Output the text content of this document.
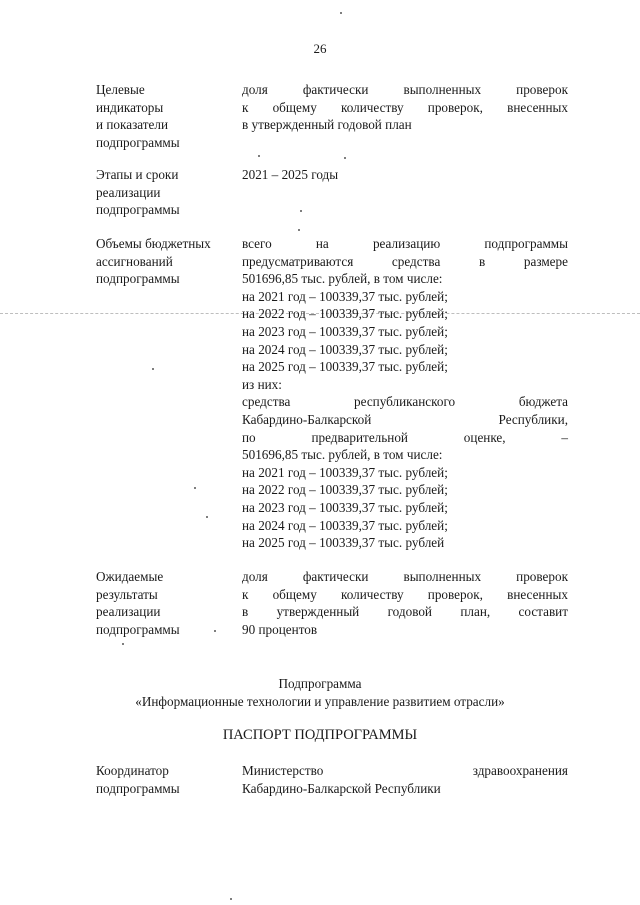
26
Целевые
индикаторы
и показатели
подпрограммы
доля фактически выполненных проверок
к общему количеству проверок, внесенных
в утвержденный годовой план
Этапы и сроки
реализации
подпрограммы
2021 – 2025 годы
Объемы бюджетных
ассигнований
подпрограммы
всего на реализацию подпрограммы
предусматриваются средства в размере
501696,85 тыс. рублей, в том числе:
на 2021 год – 100339,37 тыс. рублей;
на 2022 год – 100339,37 тыс. рублей;
на 2023 год – 100339,37 тыс. рублей;
на 2024 год – 100339,37 тыс. рублей;
на 2025 год – 100339,37 тыс. рублей;
из них:
средства республиканского бюджета
Кабардино-Балкарской Республики,
по предварительной оценке, –
501696,85 тыс. рублей, в том числе:
на 2021 год – 100339,37 тыс. рублей;
на 2022 год – 100339,37 тыс. рублей;
на 2023 год – 100339,37 тыс. рублей;
на 2024 год – 100339,37 тыс. рублей;
на 2025 год – 100339,37 тыс. рублей
Ожидаемые
результаты
реализации
подпрограммы
доля фактически выполненных проверок
к общему количеству проверок, внесенных
в утвержденный годовой план, составит
90 процентов
Подпрограмма
«Информационные технологии и управление развитием отрасли»
ПАСПОРТ ПОДПРОГРАММЫ
Координатор
подпрограммы
Министерство здравоохранения
Кабардино-Балкарской Республики
